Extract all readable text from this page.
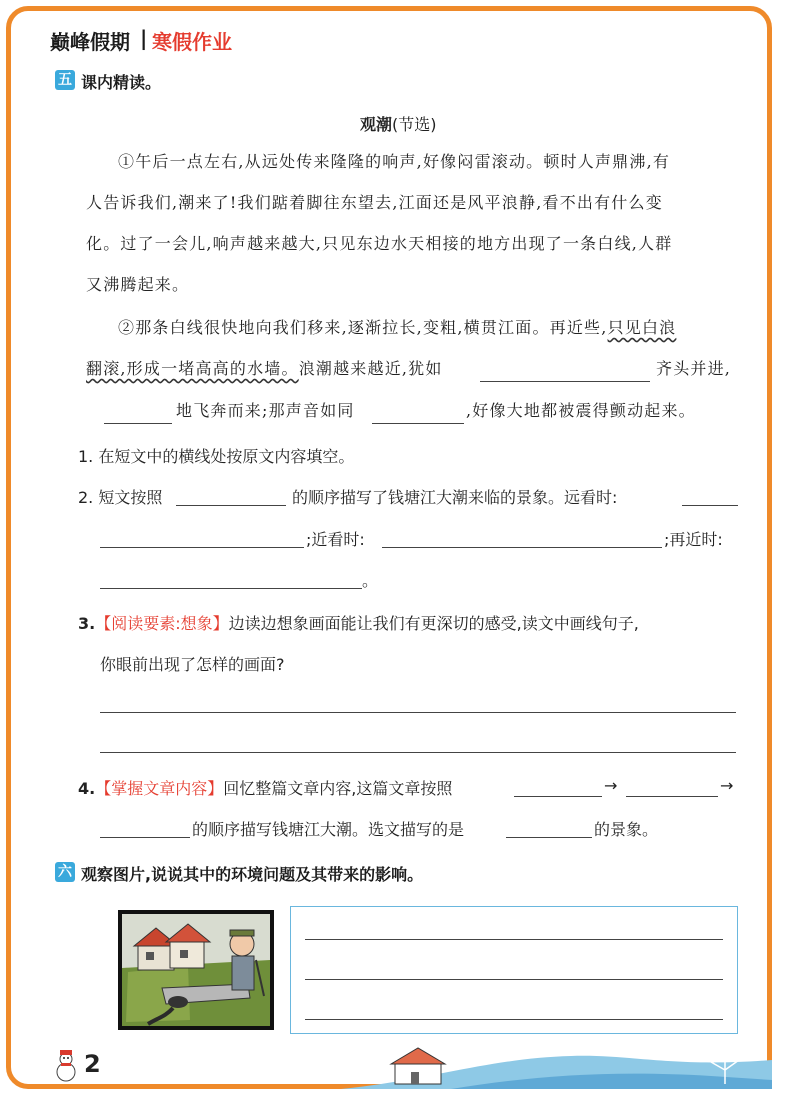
巅峰假期 | 寒假作业
五 课内精读。
观潮(节选)
①午后一点左右,从远处传来隆隆的响声,好像闷雷滚动。顿时人声鼎沸,有
人告诉我们,潮来了!我们踮着脚往东望去,江面还是风平浪静,看不出有什么变
化。过了一会儿,响声越来越大,只见东边水天相接的地方出现了一条白线,人群
又沸腾起来。
②那条白线很快地向我们移来,逐渐拉长,变粗,横贯江面。再近些,只见白浪
翻滚,形成一堵高高的水墙。浪潮越来越近,犹如	齐头并进,
地飞奔而来;那声音如同	,好像大地都被震得颤动起来。
1. 在短文中的横线处按原文内容填空。
2. 短文按照	的顺序描写了钱塘江大潮来临的景象。远看时:
;近看时:	;再近时:
。
3.【阅读要素:想象】边读边想象画面能让我们有更深切的感受,读文中画线句子,
你眼前出现了怎样的画面?
4.【掌握文章内容】回忆整篇文章内容,这篇文章按照	→	→
的顺序描写钱塘江大潮。选文描写的是	的景象。
六 观察图片,说说其中的环境问题及其带来的影响。
2
